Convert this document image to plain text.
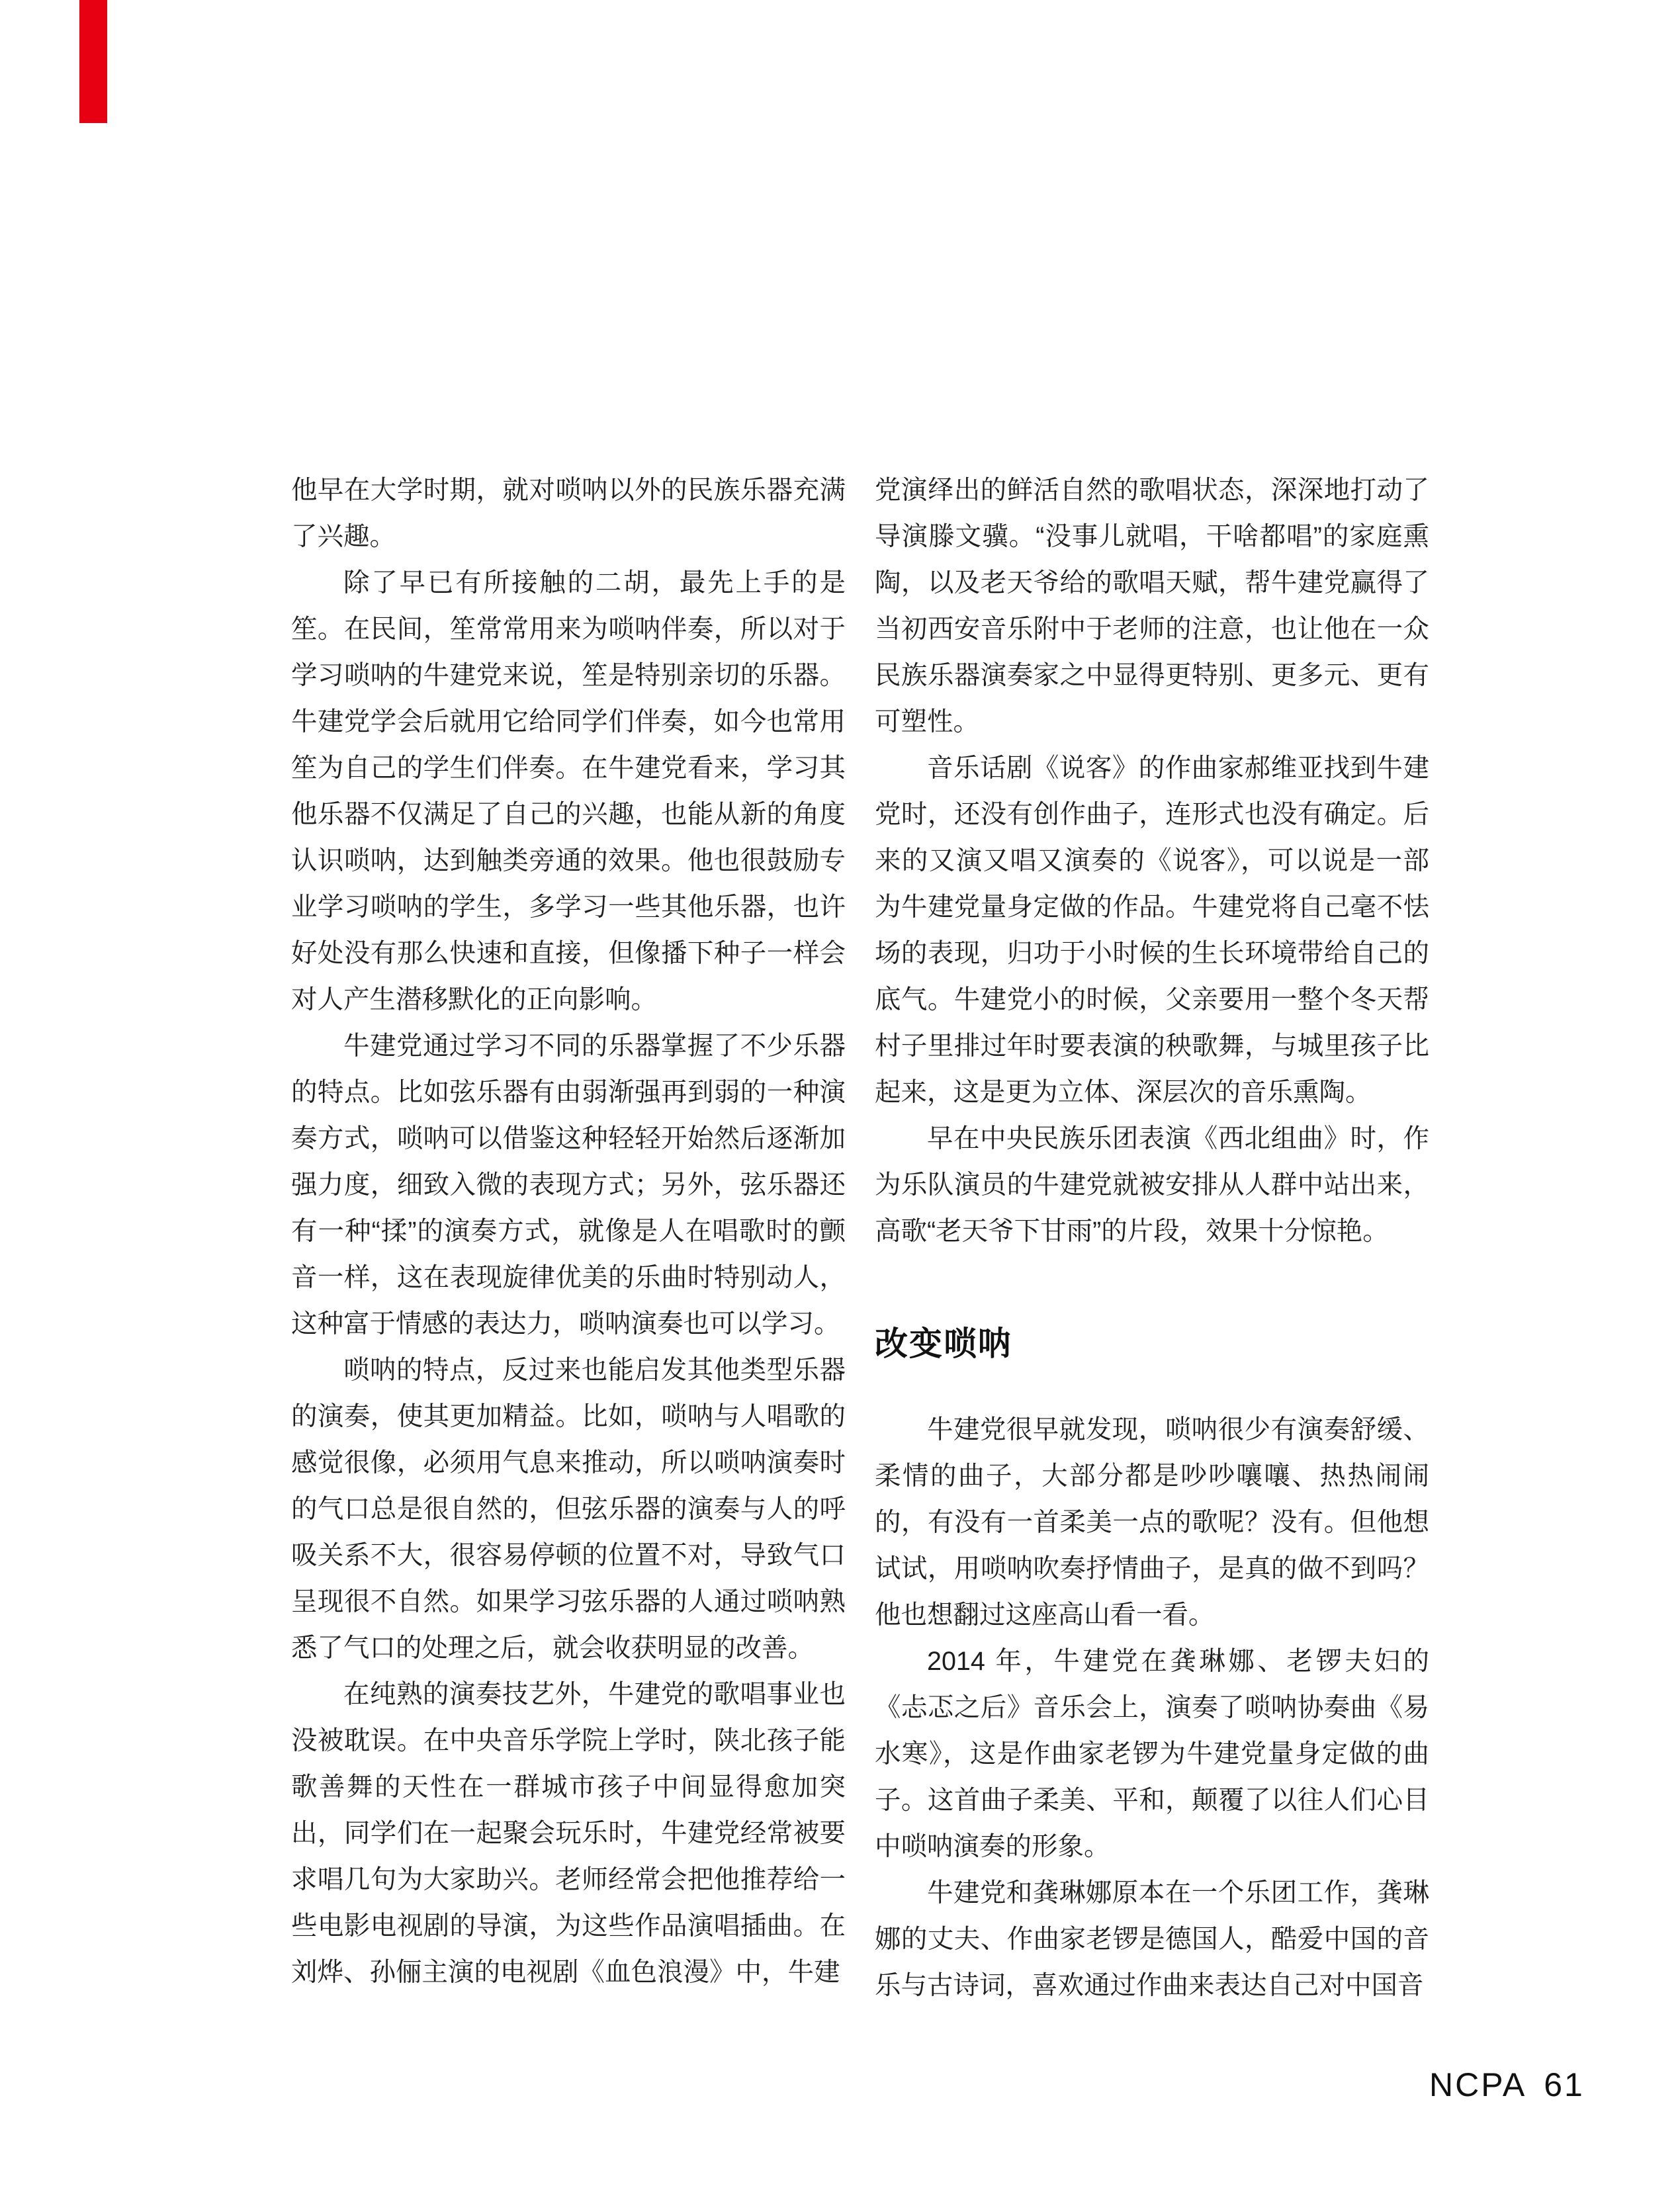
他早在大学时期，就对唢呐以外的民族乐器充满了兴趣。

除了早已有所接触的二胡，最先上手的是笙。在民间，笙常常用来为唢呐伴奏，所以对于学习唢呐的牛建党来说，笙是特别亲切的乐器。牛建党学会后就用它给同学们伴奏，如今也常用笙为自己的学生们伴奏。在牛建党看来，学习其他乐器不仅满足了自己的兴趣，也能从新的角度认识唢呐，达到触类旁通的效果。他也很鼓励专业学习唢呐的学生，多学习一些其他乐器，也许好处没有那么快速和直接，但像播下种子一样会对人产生潜移默化的正向影响。

牛建党通过学习不同的乐器掌握了不少乐器的特点。比如弦乐器有由弱渐强再到弱的一种演奏方式，唢呐可以借鉴这种轻轻开始然后逐渐加强力度，细致入微的表现方式；另外，弦乐器还有一种“揉”的演奏方式，就像是人在唱歌时的颤音一样，这在表现旋律优美的乐曲时特别动人，这种富于情感的表达力，唢呐演奏也可以学习。

唢呐的特点，反过来也能启发其他类型乐器的演奏，使其更加精益。比如，唢呐与人唱歌的感觉很像，必须用气息来推动，所以唢呐演奏时的气口总是很自然的，但弦乐器的演奏与人的呼吸关系不大，很容易停顿的位置不对，导致气口呈现很不自然。如果学习弦乐器的人通过唢呐熟悉了气口的处理之后，就会收获明显的改善。

在纯熟的演奏技艺外，牛建党的歌唱事业也没被耽误。在中央音乐学院上学时，陕北孩子能歌善舞的天性在一群城市孩子中间显得愈加突出，同学们在一起聚会玩乐时，牛建党经常被要求唱几句为大家助兴。老师经常会把他推荐给一些电影电视剧的导演，为这些作品演唱插曲。在刘烨、孙俪主演的电视剧《血色浪漫》中，牛建

党演绎出的鲜活自然的歌唱状态，深深地打动了导演滕文骥。“没事儿就唱，干啥都唱”的家庭熏陶，以及老天爷给的歌唱天赋，帮牛建党赢得了当初西安音乐附中于老师的注意，也让他在一众民族乐器演奏家之中显得更特别、更多元、更有可塑性。

音乐话剧《说客》的作曲家郝维亚找到牛建党时，还没有创作曲子，连形式也没有确定。后来的又演又唱又演奏的《说客》，可以说是一部为牛建党量身定做的作品。牛建党将自己毫不怯场的表现，归功于小时候的生长环境带给自己的底气。牛建党小的时候，父亲要用一整个冬天帮村子里排过年时要表演的秧歌舞，与城里孩子比起来，这是更为立体、深层次的音乐熏陶。

早在中央民族乐团表演《西北组曲》时，作为乐队演员的牛建党就被安排从人群中站出来，高歌“老天爷下甘雨”的片段，效果十分惊艳。

改变唢呐

牛建党很早就发现，唢呐很少有演奏舒缓、柔情的曲子，大部分都是吵吵嚷嚷、热热闹闹的，有没有一首柔美一点的歌呢？没有。但他想试试，用唢呐吹奏抒情曲子，是真的做不到吗？他也想翻过这座高山看一看。

2014 年，牛建党在龚琳娜、老锣夫妇的《忐忑之后》音乐会上，演奏了唢呐协奏曲《易水寒》，这是作曲家老锣为牛建党量身定做的曲子。这首曲子柔美、平和，颠覆了以往人们心目中唢呐演奏的形象。

牛建党和龚琳娜原本在一个乐团工作，龚琳娜的丈夫、作曲家老锣是德国人，酷爱中国的音乐与古诗词，喜欢通过作曲来表达自己对中国音

NCPA 61
